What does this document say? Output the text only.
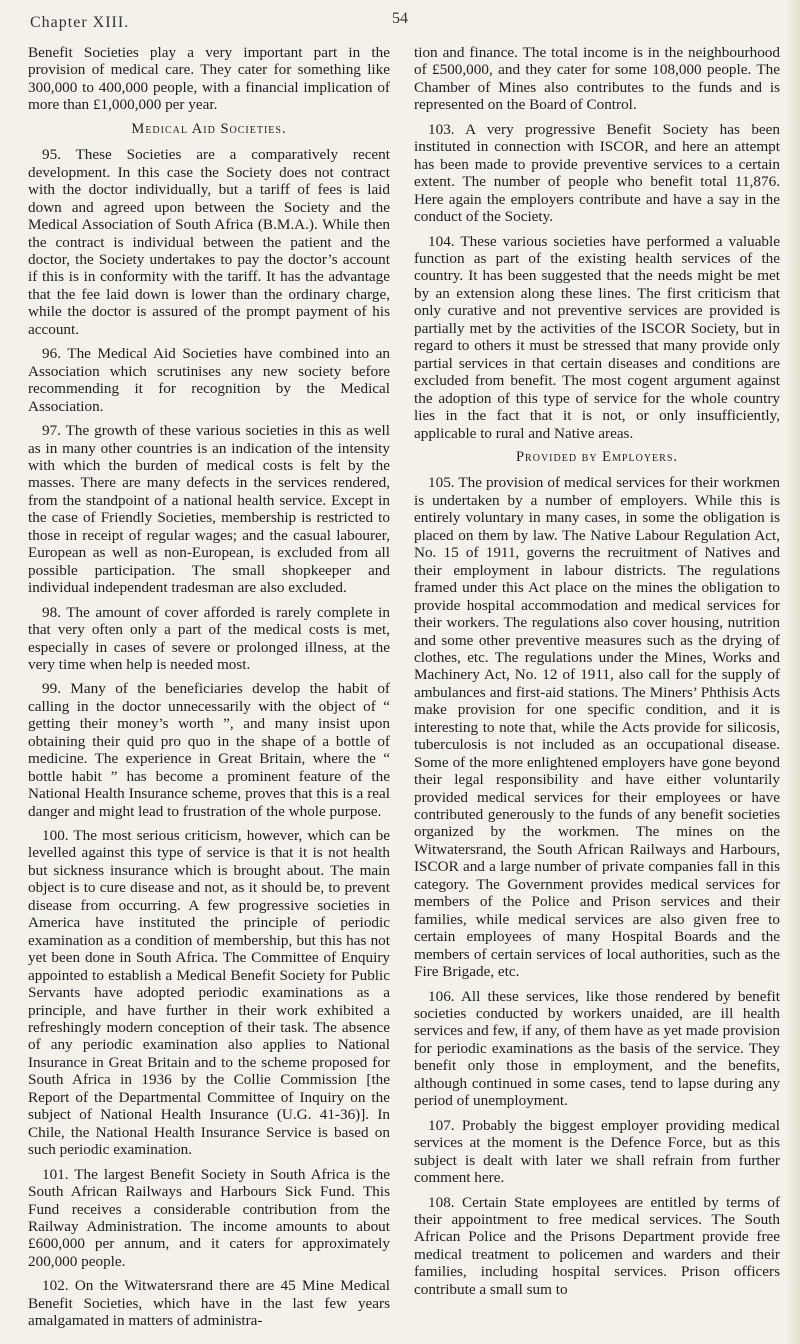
Chapter XIII.	54

Benefit Societies play a very important part in the provision of medical care. They cater for something like 300,000 to 400,000 people, with a financial implication of more than £1,000,000 per year.

Medical Aid Societies.

95. These Societies are a comparatively recent development. In this case the Society does not contract with the doctor individually, but a tariff of fees is laid down and agreed upon between the Society and the Medical Association of South Africa (B.M.A.). While then the contract is individual between the patient and the doctor, the Society undertakes to pay the doctor’s account if this is in conformity with the tariff. It has the advantage that the fee laid down is lower than the ordinary charge, while the doctor is assured of the prompt payment of his account.

96. The Medical Aid Societies have combined into an Association which scrutinises any new society before recommending it for recognition by the Medical Association.

97. The growth of these various societies in this as well as in many other countries is an indication of the intensity with which the burden of medical costs is felt by the masses. There are many defects in the services rendered, from the standpoint of a national health service. Except in the case of Friendly Societies, membership is restricted to those in receipt of regular wages; and the casual labourer, European as well as non-European, is excluded from all possible participation. The small shopkeeper and individual independent tradesman are also excluded.

98. The amount of cover afforded is rarely complete in that very often only a part of the medical costs is met, especially in cases of severe or prolonged illness, at the very time when help is needed most.

99. Many of the beneficiaries develop the habit of calling in the doctor unnecessarily with the object of “ getting their money’s worth ”, and many insist upon obtaining their quid pro quo in the shape of a bottle of medicine. The experience in Great Britain, where the “ bottle habit ” has become a prominent feature of the National Health Insurance scheme, proves that this is a real danger and might lead to frustration of the whole purpose.

100. The most serious criticism, however, which can be levelled against this type of service is that it is not health but sickness insurance which is brought about. The main object is to cure disease and not, as it should be, to prevent disease from occurring. A few progressive societies in America have instituted the principle of periodic examination as a condition of membership, but this has not yet been done in South Africa. The Committee of Enquiry appointed to establish a Medical Benefit Society for Public Servants have adopted periodic examinations as a principle, and have further in their work exhibited a refreshingly modern conception of their task. The absence of any periodic examination also applies to National Insurance in Great Britain and to the scheme proposed for South Africa in 1936 by the Collie Commission [the Report of the Departmental Committee of Inquiry on the subject of National Health Insurance (U.G. 41-36)]. In Chile, the National Health Insurance Service is based on such periodic examination.

101. The largest Benefit Society in South Africa is the South African Railways and Harbours Sick Fund. This Fund receives a considerable contribution from the Railway Administration. The income amounts to about £600,000 per annum, and it caters for approximately 200,000 people.

102. On the Witwatersrand there are 45 Mine Medical Benefit Societies, which have in the last few years amalgamated in matters of administra-

tion and finance. The total income is in the neighbourhood of £500,000, and they cater for some 108,000 people. The Chamber of Mines also contributes to the funds and is represented on the Board of Control.

103. A very progressive Benefit Society has been instituted in connection with ISCOR, and here an attempt has been made to provide preventive services to a certain extent. The number of people who benefit total 11,876. Here again the employers contribute and have a say in the conduct of the Society.

104. These various societies have performed a valuable function as part of the existing health services of the country. It has been suggested that the needs might be met by an extension along these lines. The first criticism that only curative and not preventive services are provided is partially met by the activities of the ISCOR Society, but in regard to others it must be stressed that many provide only partial services in that certain diseases and conditions are excluded from benefit. The most cogent argument against the adoption of this type of service for the whole country lies in the fact that it is not, or only insufficiently, applicable to rural and Native areas.

Provided by Employers.

105. The provision of medical services for their workmen is undertaken by a number of employers. While this is entirely voluntary in many cases, in some the obligation is placed on them by law. The Native Labour Regulation Act, No. 15 of 1911, governs the recruitment of Natives and their employment in labour districts. The regulations framed under this Act place on the mines the obligation to provide hospital accommodation and medical services for their workers. The regulations also cover housing, nutrition and some other preventive measures such as the drying of clothes, etc. The regulations under the Mines, Works and Machinery Act, No. 12 of 1911, also call for the supply of ambulances and first-aid stations. The Miners’ Phthisis Acts make provision for one specific condition, and it is interesting to note that, while the Acts provide for silicosis, tuberculosis is not included as an occupational disease. Some of the more enlightened employers have gone beyond their legal responsibility and have either voluntarily provided medical services for their employees or have contributed generously to the funds of any benefit societies organized by the workmen. The mines on the Witwatersrand, the South African Railways and Harbours, ISCOR and a large number of private companies fall in this category. The Government provides medical services for members of the Police and Prison services and their families, while medical services are also given free to certain employees of many Hospital Boards and the members of certain services of local authorities, such as the Fire Brigade, etc.

106. All these services, like those rendered by benefit societies conducted by workers unaided, are ill health services and few, if any, of them have as yet made provision for periodic examinations as the basis of the service. They benefit only those in employment, and the benefits, although continued in some cases, tend to lapse during any period of unemployment.

107. Probably the biggest employer providing medical services at the moment is the Defence Force, but as this subject is dealt with later we shall refrain from further comment here.

108. Certain State employees are entitled by terms of their appointment to free medical services. The South African Police and the Prisons Department provide free medical treatment to policemen and warders and their families, including hospital services. Prison officers contribute a small sum to
